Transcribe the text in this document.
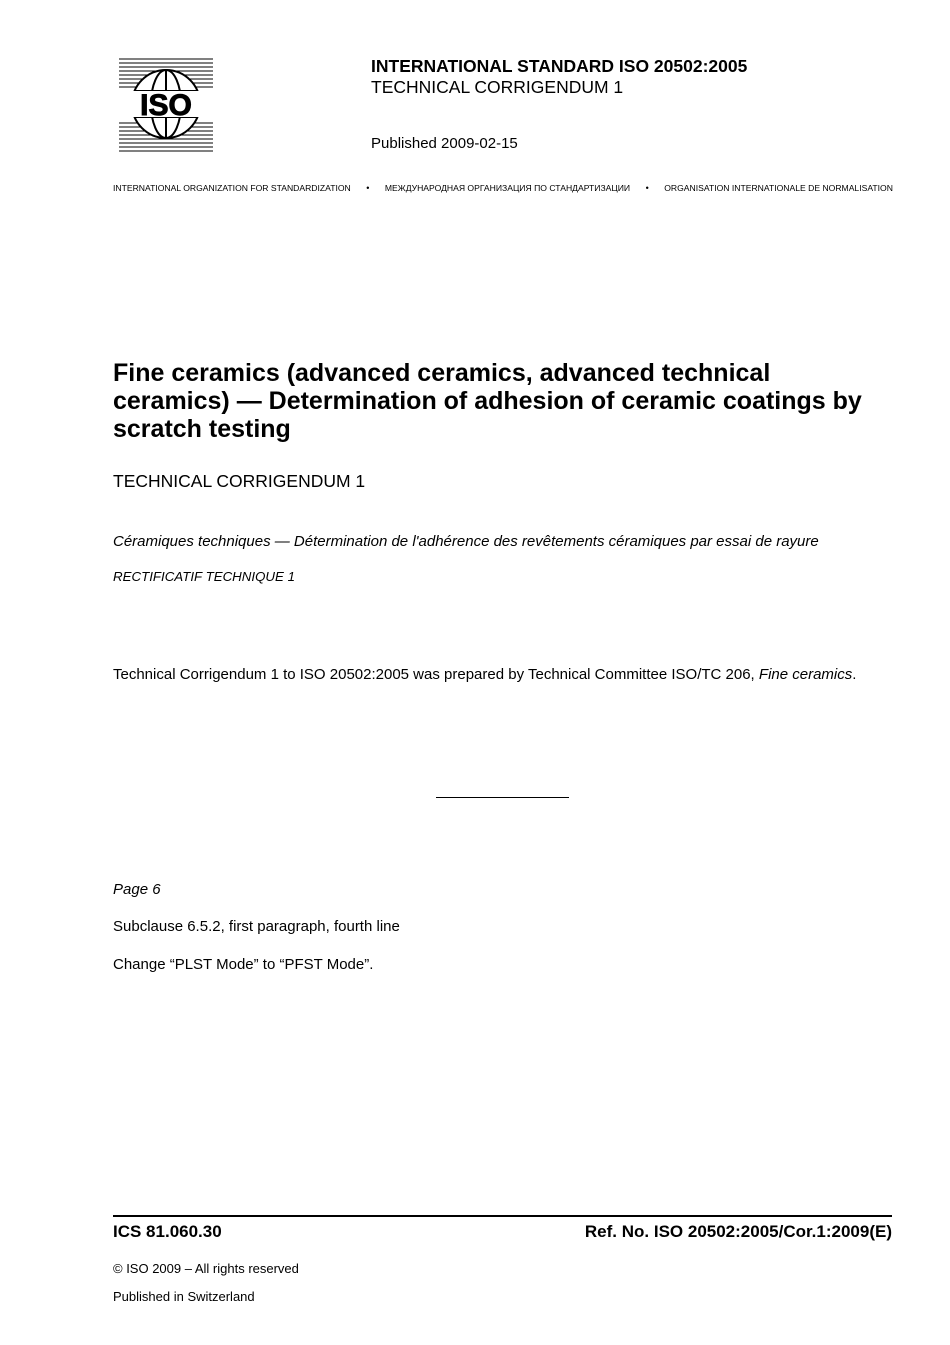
ISO
INTERNATIONAL STANDARD ISO 20502:2005
TECHNICAL CORRIGENDUM 1
Published 2009-02-15
INTERNATIONAL ORGANIZATION FOR STANDARDIZATION • МЕЖДУНАРОДНАЯ ОРГАНИЗАЦИЯ ПО СТАНДАРТИЗАЦИИ • ORGANISATION INTERNATIONALE DE NORMALISATION
Fine ceramics (advanced ceramics, advanced technical ceramics) — Determination of adhesion of ceramic coatings by scratch testing
TECHNICAL CORRIGENDUM 1
Céramiques techniques — Détermination de l'adhérence des revêtements céramiques par essai de rayure
RECTIFICATIF TECHNIQUE 1
Technical Corrigendum 1 to ISO 20502:2005 was prepared by Technical Committee ISO/TC 206, Fine ceramics.
Page 6
Subclause 6.5.2, first paragraph, fourth line
Change “PLST Mode” to “PFST Mode”.
ICS 81.060.30	Ref. No. ISO 20502:2005/Cor.1:2009(E)
© ISO 2009 – All rights reserved
Published in Switzerland
